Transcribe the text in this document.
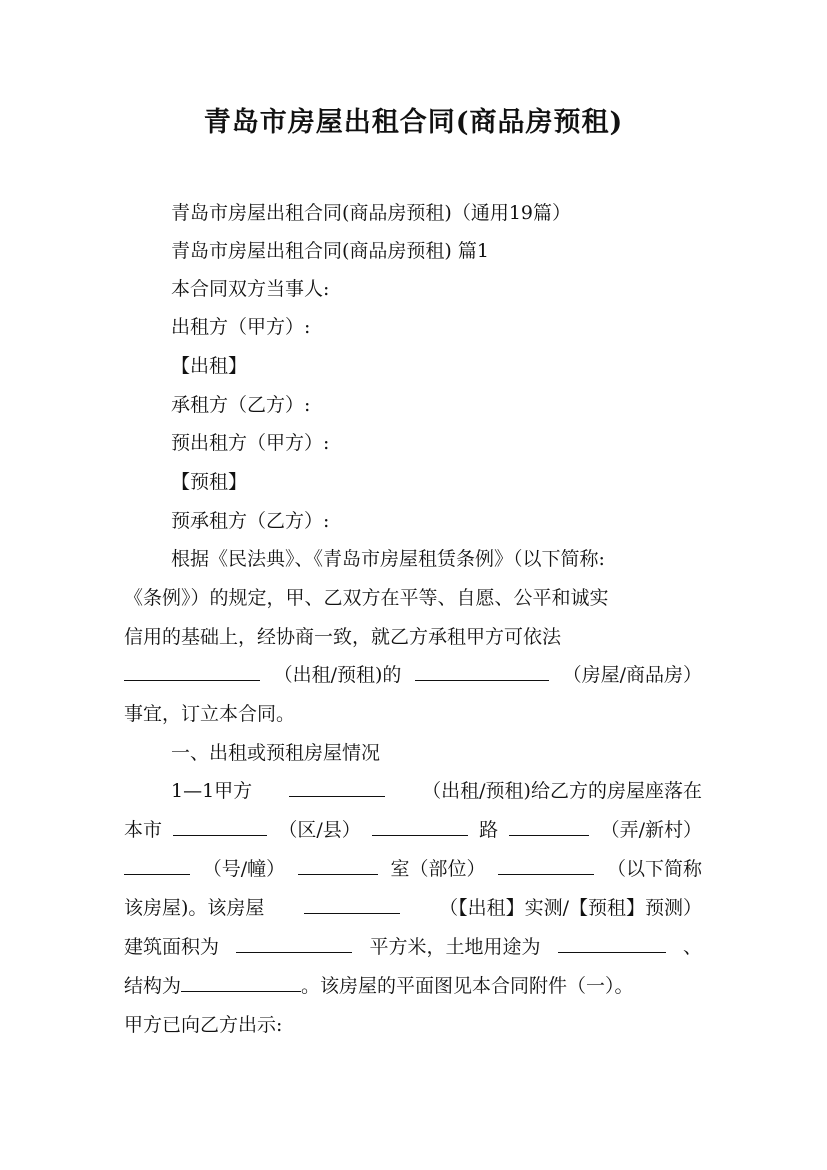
青岛市房屋出租合同(商品房预租)
青岛市房屋出租合同(商品房预租)（通用19篇）
青岛市房屋出租合同(商品房预租) 篇1
本合同双方当事人:
出租方（甲方）:
【出租】
承租方（乙方）:
预出租方（甲方）:
【预租】
预承租方（乙方）:
根据《民法典》、《青岛市房屋租赁条例》（以下简称:
《条例》）的规定，甲、乙双方在平等、自愿、公平和诚实
信用的基础上，经协商一致，就乙方承租甲方可依法
（出租/预租)的	（房屋/商品房）
事宜，订立本合同。
一、出租或预租房屋情况
1—1甲方	（出租/预租)给乙方的房屋座落在
本市	（区/县）	路	（弄/新村）
（号/幢）	室（部位）	（以下简称
该房屋)。该房屋	（【出租】实测/【预租】预测）
建筑面积为	平方米，土地用途为	、
结构为	。该房屋的平面图见本合同附件（一）。
甲方已向乙方出示:
